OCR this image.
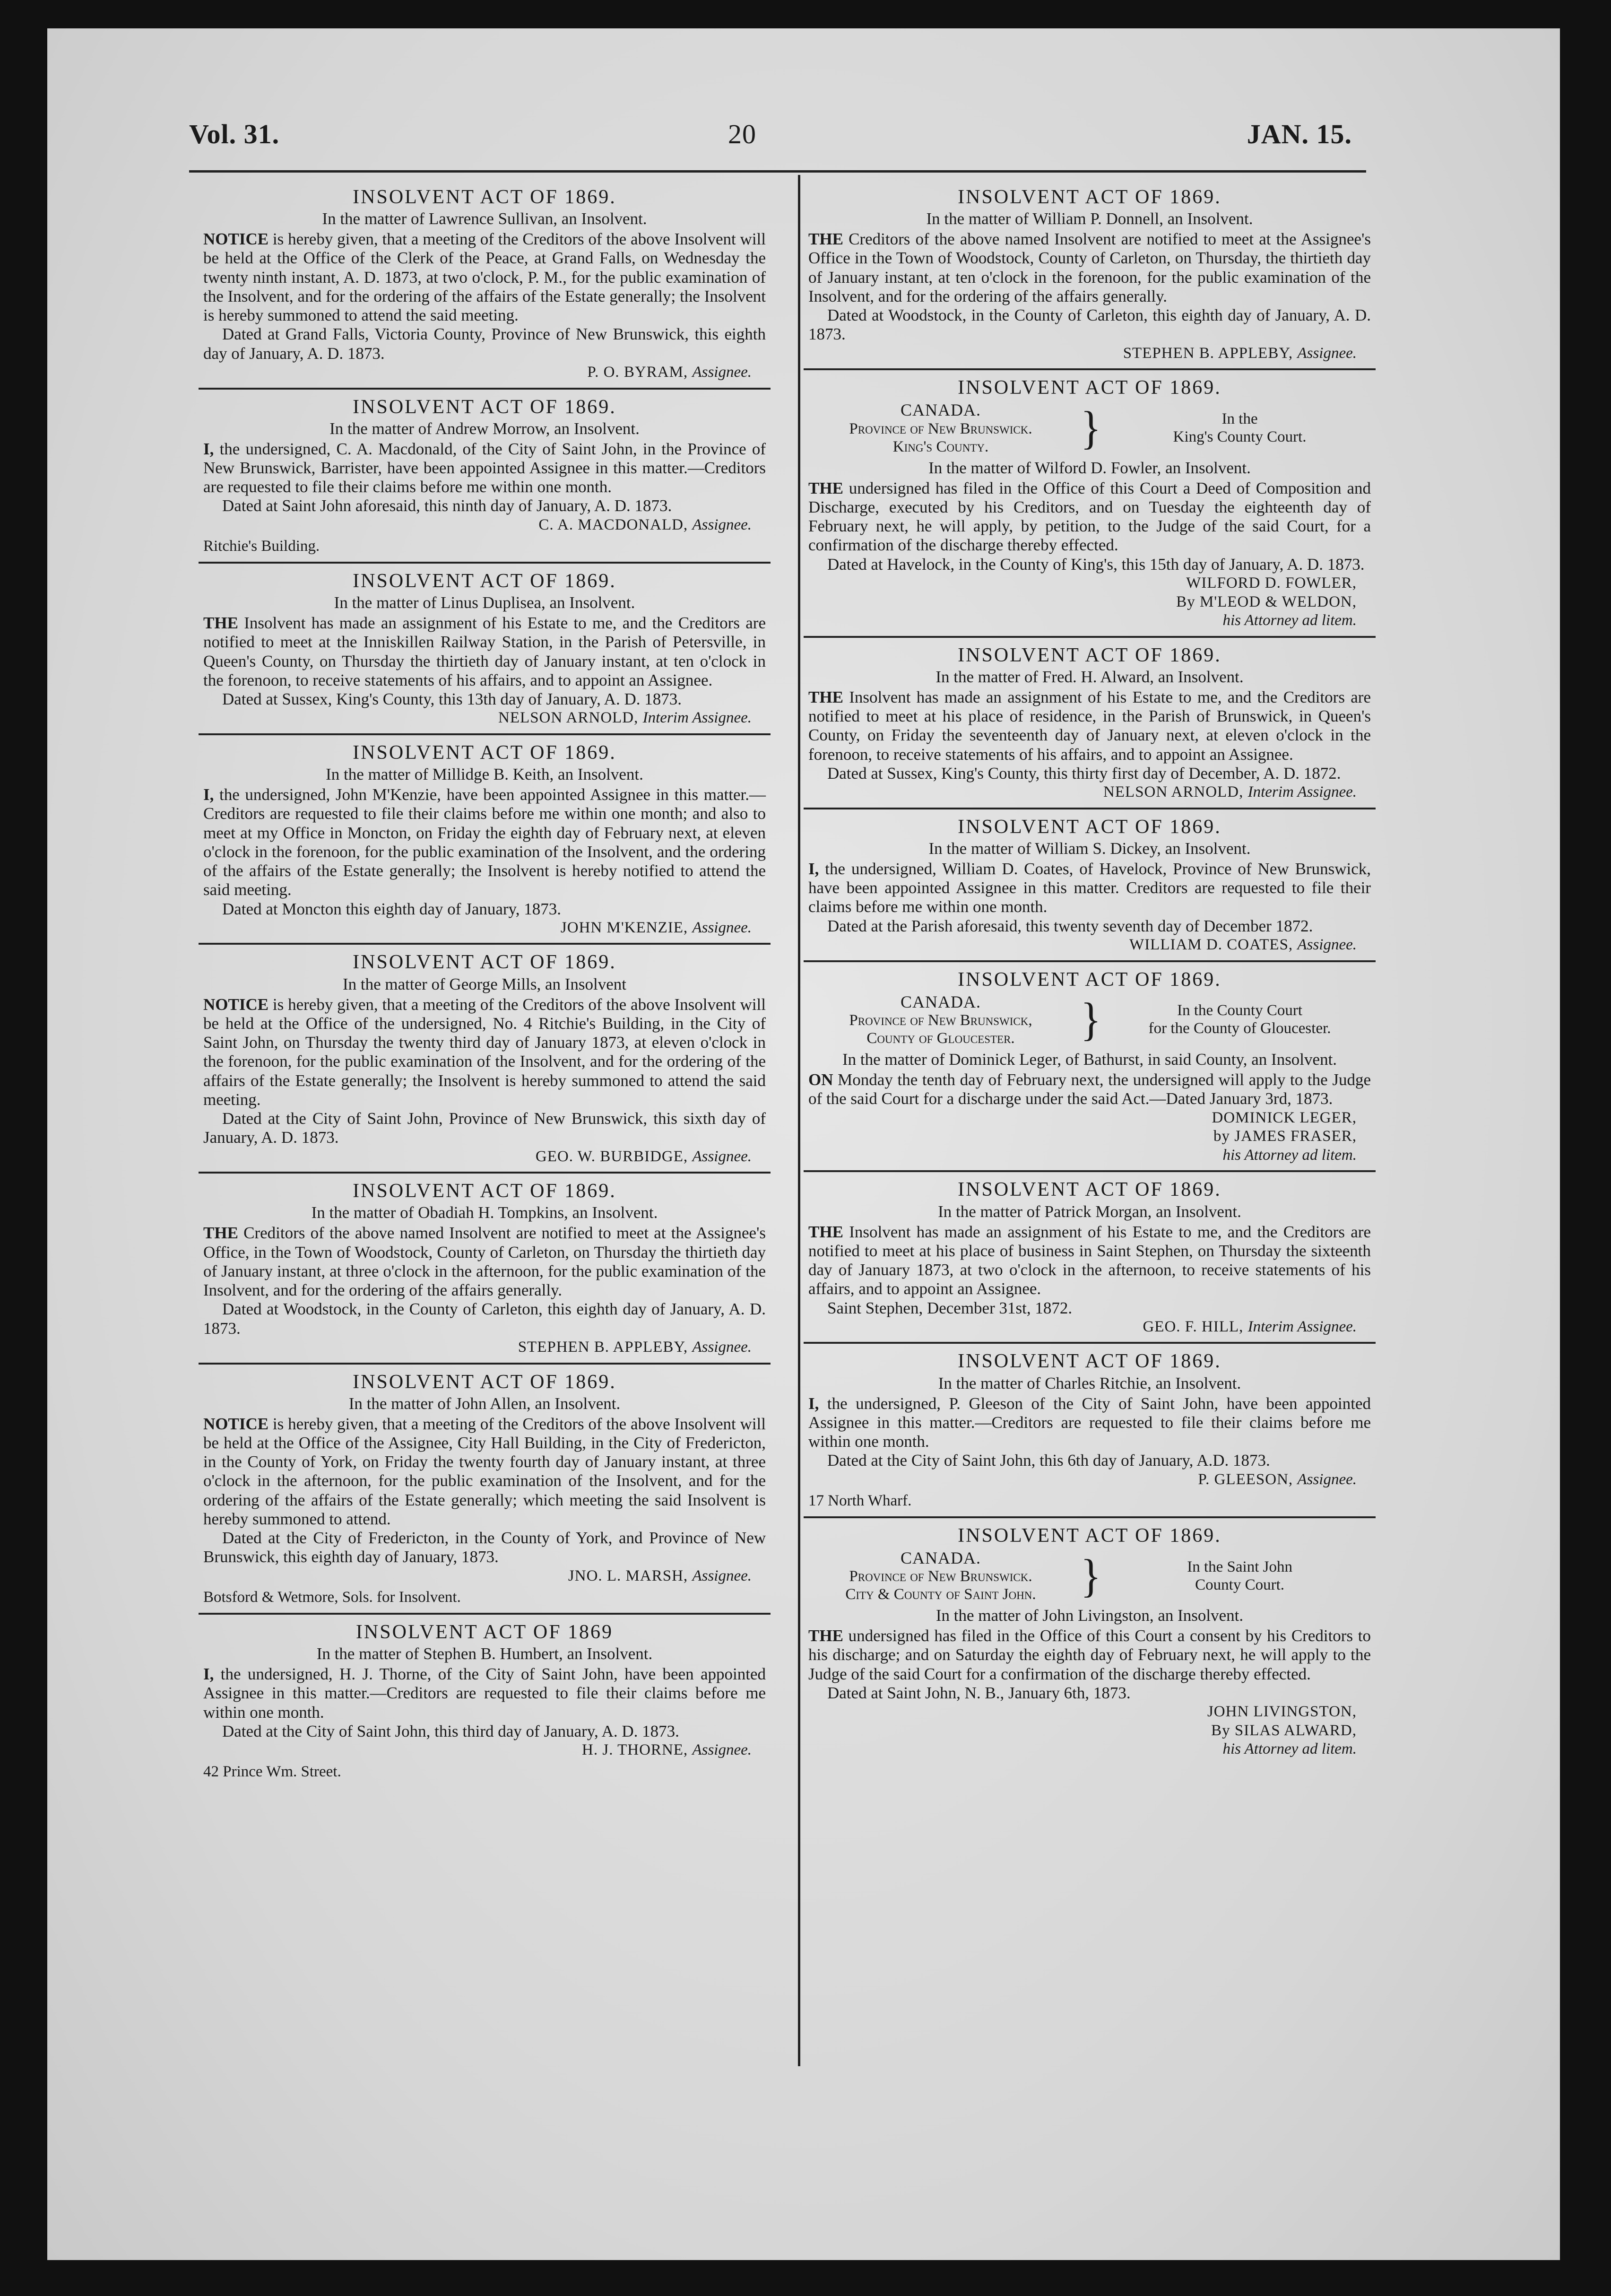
Vol. 31.	20	JAN. 15.
INSOLVENT ACT OF 1869.
In the matter of Lawrence Sullivan, an Insolvent.

NOTICE is hereby given, that a meeting of the Creditors of the above Insolvent will be held at the Office of the Clerk of the Peace, at Grand Falls, on Wednesday the twenty ninth instant, A. D. 1873, at two o'clock, P. M., for the public examination of the Insolvent, and for the ordering of the affairs of the Estate generally; the Insolvent is hereby summoned to attend the said meeting.

Dated at Grand Falls, Victoria County, Province of New Brunswick, this eighth day of January, A. D. 1873.

P. O. BYRAM, Assignee.
INSOLVENT ACT OF 1869.
In the matter of Andrew Morrow, an Insolvent.

I, the undersigned, C. A. Macdonald, of the City of Saint John, in the Province of New Brunswick, Barrister, have been appointed Assignee in this matter.—Creditors are requested to file their claims before me within one month.

Dated at Saint John aforesaid, this ninth day of January, A. D. 1873.

C. A. MACDONALD, Assignee.
Ritchie's Building.
INSOLVENT ACT OF 1869.
In the matter of Linus Duplisea, an Insolvent.

THE Insolvent has made an assignment of his Estate to me, and the Creditors are notified to meet at the Inniskillen Railway Station, in the Parish of Petersville, in Queen's County, on Thursday the thirtieth day of January instant, at ten o'clock in the forenoon, to receive statements of his affairs, and to appoint an Assignee.

Dated at Sussex, King's County, this 13th day of January, A. D. 1873.

NELSON ARNOLD, Interim Assignee.
INSOLVENT ACT OF 1869.
In the matter of Millidge B. Keith, an Insolvent.

I, the undersigned, John M'Kenzie, have been appointed Assignee in this matter.—Creditors are requested to file their claims before me within one month; and also to meet at my Office in Moncton, on Friday the eighth day of February next, at eleven o'clock in the forenoon, for the public examination of the Insolvent, and the ordering of the affairs of the Estate generally; the Insolvent is hereby notified to attend the said meeting.

Dated at Moncton this eighth day of January, 1873.

JOHN M'KENZIE, Assignee.
INSOLVENT ACT OF 1869.
In the matter of George Mills, an Insolvent

NOTICE is hereby given, that a meeting of the Creditors of the above Insolvent will be held at the Office of the undersigned, No. 4 Ritchie's Building, in the City of Saint John, on Thursday the twenty third day of January 1873, at eleven o'clock in the forenoon, for the public examination of the Insolvent, and for the ordering of the affairs of the Estate generally; the Insolvent is hereby summoned to attend the said meeting.

Dated at the City of Saint John, Province of New Brunswick, this sixth day of January, A. D. 1873.

GEO. W. BURBIDGE, Assignee.
INSOLVENT ACT OF 1869.
In the matter of Obadiah H. Tompkins, an Insolvent.

THE Creditors of the above named Insolvent are notified to meet at the Assignee's Office, in the Town of Woodstock, County of Carleton, on Thursday the thirtieth day of January instant, at three o'clock in the afternoon, for the public examination of the Insolvent, and for the ordering of the affairs generally.

Dated at Woodstock, in the County of Carleton, this eighth day of January, A. D. 1873.

STEPHEN B. APPLEBY, Assignee.
INSOLVENT ACT OF 1869.
In the matter of John Allen, an Insolvent.

NOTICE is hereby given, that a meeting of the Creditors of the above Insolvent will be held at the Office of the Assignee, City Hall Building, in the City of Fredericton, in the County of York, on Friday the twenty fourth day of January instant, at three o'clock in the afternoon, for the public examination of the Insolvent, and for the ordering of the affairs of the Estate generally; which meeting the said Insolvent is hereby summoned to attend.

Dated at the City of Fredericton, in the County of York, and Province of New Brunswick, this eighth day of January, 1873.

JNO. L. MARSH, Assignee.
Botsford & Wetmore, Sols. for Insolvent.
INSOLVENT ACT OF 1869
In the matter of Stephen B. Humbert, an Insolvent.

I, the undersigned, H. J. Thorne, of the City of Saint John, have been appointed Assignee in this matter.—Creditors are requested to file their claims before me within one month.

Dated at the City of Saint John, this third day of January, A. D. 1873.

H. J. THORNE, Assignee.
42 Prince Wm. Street.
INSOLVENT ACT OF 1869.
In the matter of William P. Donnell, an Insolvent.

THE Creditors of the above named Insolvent are notified to meet at the Assignee's Office in the Town of Woodstock, County of Carleton, on Thursday, the thirtieth day of January instant, at ten o'clock in the forenoon, for the public examination of the Insolvent, and for the ordering of the affairs generally.

Dated at Woodstock, in the County of Carleton, this eighth day of January, A. D. 1873.

STEPHEN B. APPLEBY, Assignee.
INSOLVENT ACT OF 1869.
CANADA.
Province of New Brunswick.
King's County.	}	In the
King's County Court.
In the matter of Wilford D. Fowler, an Insolvent.

THE undersigned has filed in the Office of this Court a Deed of Composition and Discharge, executed by his Creditors, and on Tuesday the eighteenth day of February next, he will apply, by petition, to the Judge of the said Court, for a confirmation of the discharge thereby effected.

Dated at Havelock, in the County of King's, this 15th day of January, A. D. 1873.

WILFORD D. FOWLER,
By M'LEOD & WELDON,
his Attorney ad litem.
INSOLVENT ACT OF 1869.
In the matter of Fred. H. Alward, an Insolvent.

THE Insolvent has made an assignment of his Estate to me, and the Creditors are notified to meet at his place of residence, in the Parish of Brunswick, in Queen's County, on Friday the seventeenth day of January next, at eleven o'clock in the forenoon, to receive statements of his affairs, and to appoint an Assignee.

Dated at Sussex, King's County, this thirty first day of December, A. D. 1872.

NELSON ARNOLD, Interim Assignee.
INSOLVENT ACT OF 1869.
In the matter of William S. Dickey, an Insolvent.

I, the undersigned, William D. Coates, of Havelock, Province of New Brunswick, have been appointed Assignee in this matter. Creditors are requested to file their claims before me within one month.

Dated at the Parish aforesaid, this twenty seventh day of December 1872.

WILLIAM D. COATES, Assignee.
INSOLVENT ACT OF 1869.
CANADA.
Province of New Brunswick,
County of Gloucester.	}	In the County Court
for the County of Gloucester.
In the matter of Dominick Leger, of Bathurst, in said County, an Insolvent.

ON Monday the tenth day of February next, the undersigned will apply to the Judge of the said Court for a discharge under the said Act.—Dated January 3rd, 1873.

DOMINICK LEGER,
by JAMES FRASER,
his Attorney ad litem.
INSOLVENT ACT OF 1869.
In the matter of Patrick Morgan, an Insolvent.

THE Insolvent has made an assignment of his Estate to me, and the Creditors are notified to meet at his place of business in Saint Stephen, on Thursday the sixteenth day of January 1873, at two o'clock in the afternoon, to receive statements of his affairs, and to appoint an Assignee.

Saint Stephen, December 31st, 1872.

GEO. F. HILL, Interim Assignee.
INSOLVENT ACT OF 1869.
In the matter of Charles Ritchie, an Insolvent.

I, the undersigned, P. Gleeson of the City of Saint John, have been appointed Assignee in this matter.—Creditors are requested to file their claims before me within one month.

Dated at the City of Saint John, this 6th day of January, A.D. 1873.

P. GLEESON, Assignee.
17 North Wharf.
INSOLVENT ACT OF 1869.
CANADA.
Province of New Brunswick.
City & County of Saint John.	}	In the Saint John
County Court.
In the matter of John Livingston, an Insolvent.

THE undersigned has filed in the Office of this Court a consent by his Creditors to his discharge; and on Saturday the eighth day of February next, he will apply to the Judge of the said Court for a confirmation of the discharge thereby effected.

Dated at Saint John, N. B., January 6th, 1873.

JOHN LIVINGSTON,
By SILAS ALWARD,
his Attorney ad litem.
